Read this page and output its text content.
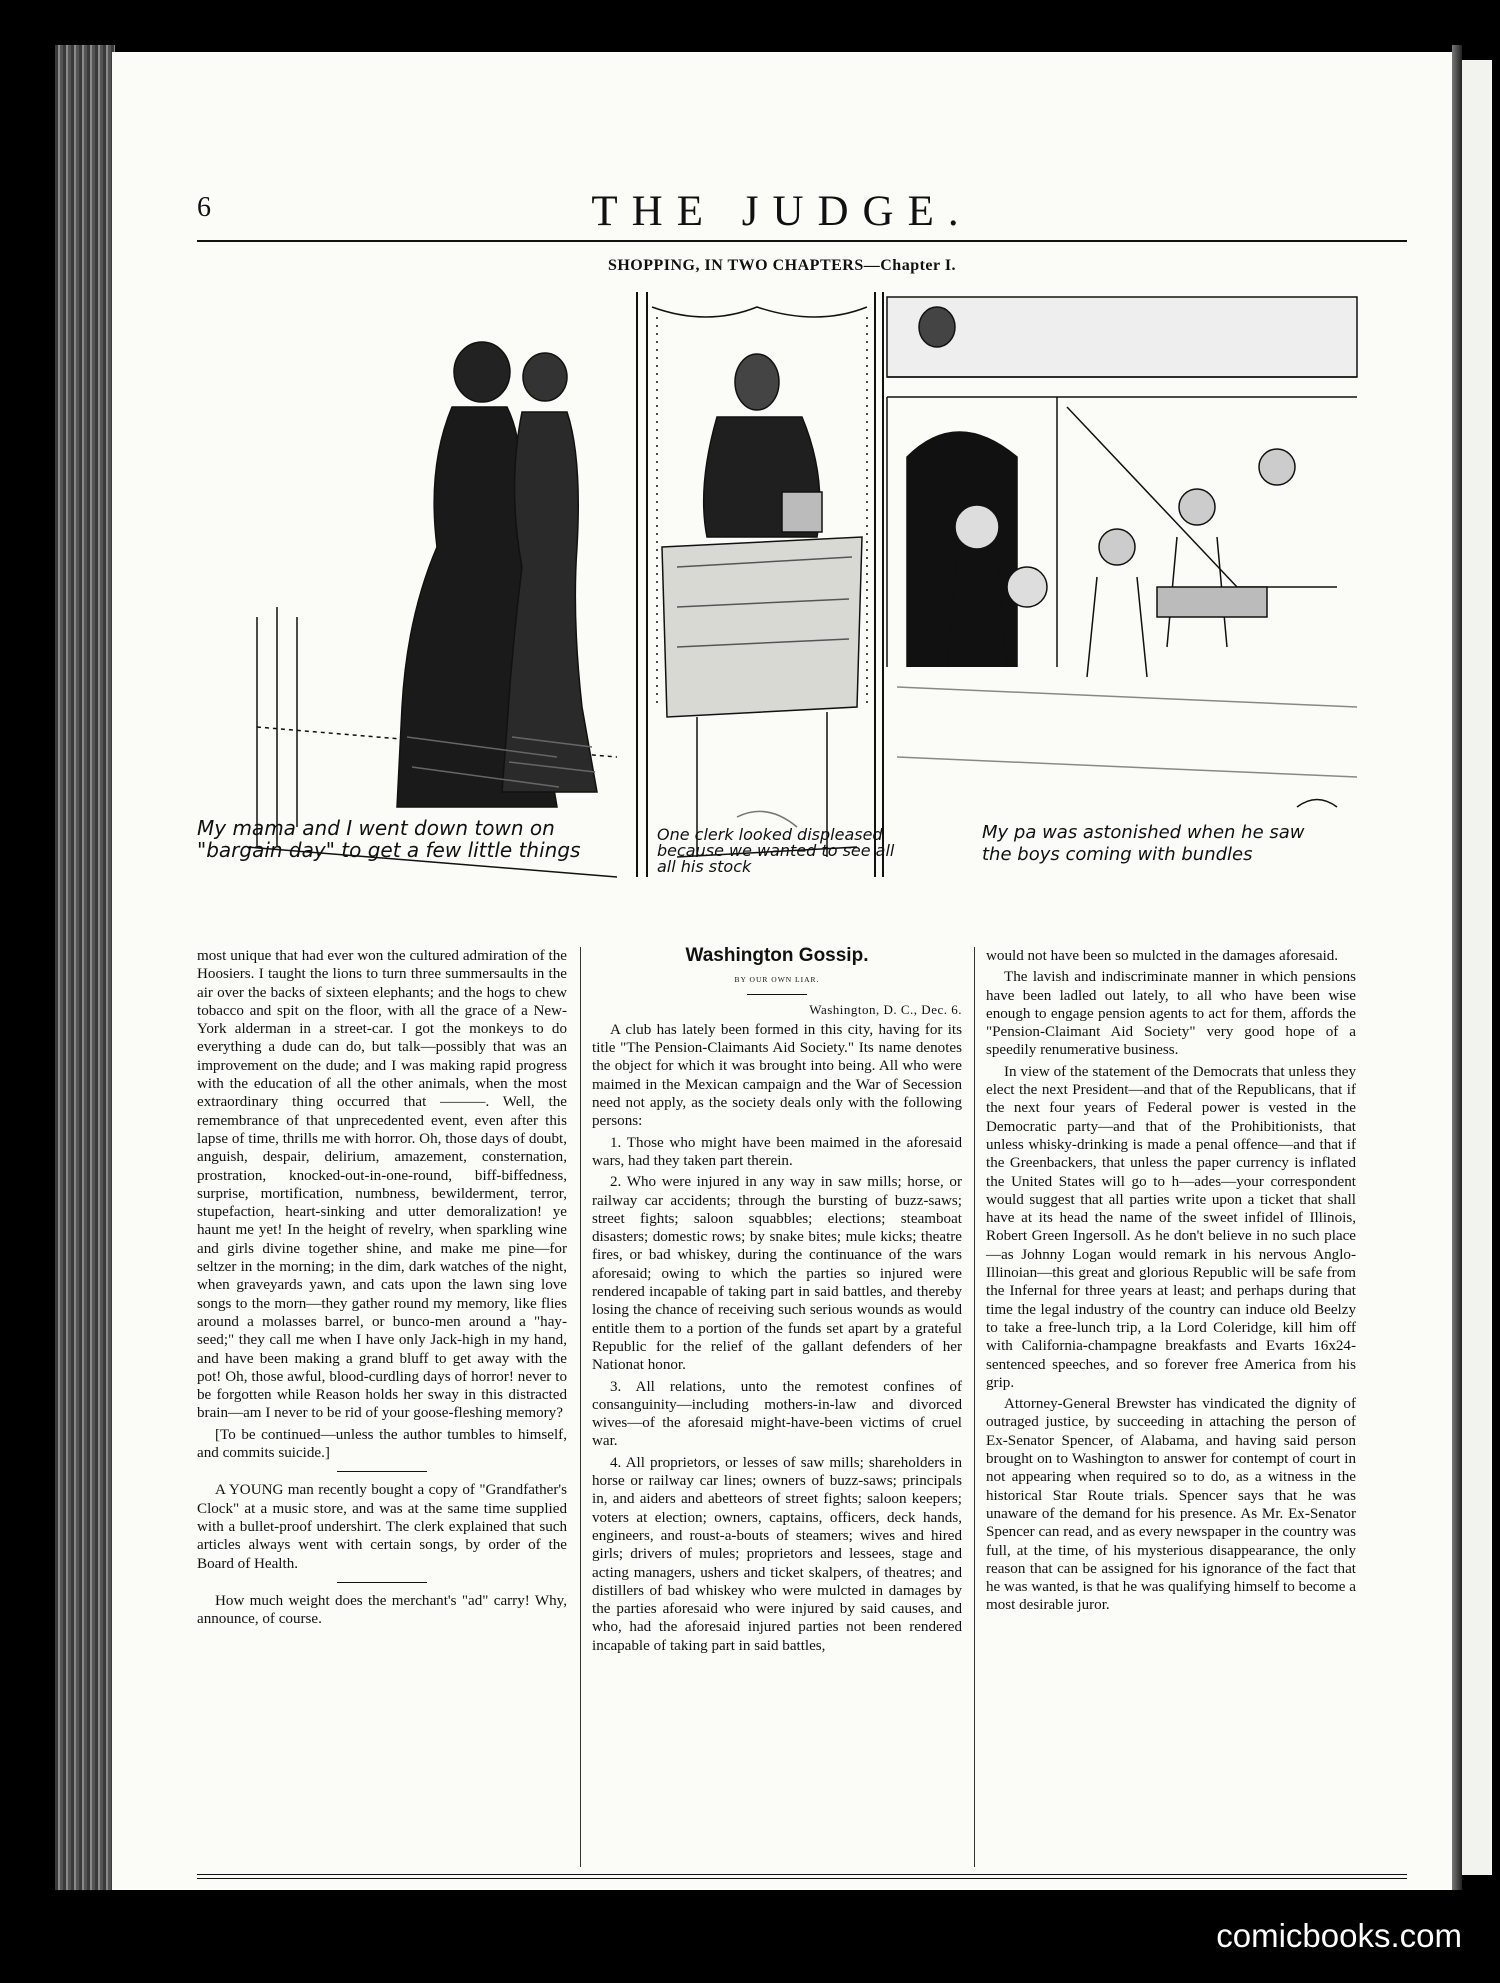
6	THE JUDGE.
SHOPPING, IN TWO CHAPTERS—Chapter I.
My mama and I went down town on
"bargain day" to get a few little things
One clerk looked displeased
because we wanted to see all
all his stock
My pa was astonished when he saw
the boys coming with bundles

most unique that had ever won the cultured admiration of the Hoosiers. I taught the lions to turn three summersaults in the air over the backs of sixteen elephants; and the hogs to chew tobacco and spit on the floor, with all the grace of a New-York alderman in a street-car. I got the monkeys to do everything a dude can do, but talk—possibly that was an improvement on the dude; and I was making rapid progress with the education of all the other animals, when the most extraordinary thing occurred that ———. Well, the remembrance of that unprecedented event, even after this lapse of time, thrills me with horror. Oh, those days of doubt, anguish, despair, delirium, amazement, consternation, prostration, knocked-out-in-one-round, biff-biffedness, surprise, mortification, numbness, bewilderment, terror, stupefaction, heart-sinking and utter demoralization! ye haunt me yet! In the height of revelry, when sparkling wine and girls divine together shine, and make me pine—for seltzer in the morning; in the dim, dark watches of the night, when graveyards yawn, and cats upon the lawn sing love songs to the morn—they gather round my memory, like flies around a molasses barrel, or bunco-men around a "hay-seed;" they call me when I have only Jack-high in my hand, and have been making a grand bluff to get away with the pot! Oh, those awful, blood-curdling days of horror! never to be forgotten while Reason holds her sway in this distracted brain—am I never to be rid of your goose-fleshing memory?

[To be continued—unless the author tumbles to himself, and commits suicide.]

A YOUNG man recently bought a copy of "Grandfather's Clock" at a music store, and was at the same time supplied with a bullet-proof undershirt. The clerk explained that such articles always went with certain songs, by order of the Board of Health.

How much weight does the merchant's "ad" carry! Why, announce, of course.

Washington Gossip.
BY OUR OWN LIAR.
Washington, D. C., Dec. 6.

A club has lately been formed in this city, having for its title "The Pension-Claimants Aid Society." Its name denotes the object for which it was brought into being. All who were maimed in the Mexican campaign and the War of Secession need not apply, as the society deals only with the following persons:

1. Those who might have been maimed in the aforesaid wars, had they taken part therein.

2. Who were injured in any way in saw mills; horse, or railway car accidents; through the bursting of buzz-saws; street fights; saloon squabbles; elections; steamboat disasters; domestic rows; by snake bites; mule kicks; theatre fires, or bad whiskey, during the continuance of the wars aforesaid; owing to which the parties so injured were rendered incapable of taking part in said battles, and thereby losing the chance of receiving such serious wounds as would entitle them to a portion of the funds set apart by a grateful Republic for the relief of the gallant defenders of her Nationat honor.

3. All relations, unto the remotest confines of consanguinity—including mothers-in-law and divorced wives—of the aforesaid might-have-been victims of cruel war.

4. All proprietors, or lesses of saw mills; shareholders in horse or railway car lines; owners of buzz-saws; principals in, and aiders and abetteors of street fights; saloon keepers; voters at election; owners, captains, officers, deck hands, engineers, and roust-a-bouts of steamers; wives and hired girls; drivers of mules; proprietors and lessees, stage and acting managers, ushers and ticket skalpers, of theatres; and distillers of bad whiskey who were mulcted in damages by the parties aforesaid who were injured by said causes, and who, had the aforesaid injured parties not been rendered incapable of taking part in said battles,

would not have been so mulcted in the damages aforesaid.

The lavish and indiscriminate manner in which pensions have been ladled out lately, to all who have been wise enough to engage pension agents to act for them, affords the "Pension-Claimant Aid Society" very good hope of a speedily renumerative business.

In view of the statement of the Democrats that unless they elect the next President—and that of the Republicans, that if the next four years of Federal power is vested in the Democratic party—and that of the Prohibitionists, that unless whisky-drinking is made a penal offence—and that if the Greenbackers, that unless the paper currency is inflated the United States will go to h—ades—your correspondent would suggest that all parties write upon a ticket that shall have at its head the name of the sweet infidel of Illinois, Robert Green Ingersoll. As he don't believe in no such place—as Johnny Logan would remark in his nervous Anglo-Illinoian—this great and glorious Republic will be safe from the Infernal for three years at least; and perhaps during that time the legal industry of the country can induce old Beelzy to take a free-lunch trip, a la Lord Coleridge, kill him off with California-champagne breakfasts and Evarts 16x24-sentenced speeches, and so forever free America from his grip.

Attorney-General Brewster has vindicated the dignity of outraged justice, by succeeding in attaching the person of Ex-Senator Spencer, of Alabama, and having said person brought on to Washington to answer for contempt of court in not appearing when required so to do, as a witness in the historical Star Route trials. Spencer says that he was unaware of the demand for his presence. As Mr. Ex-Senator Spencer can read, and as every newspaper in the country was full, at the time, of his mysterious disappearance, the only reason that can be assigned for his ignorance of the fact that he was wanted, is that he was qualifying himself to become a most desirable juror.

comicbooks.com
